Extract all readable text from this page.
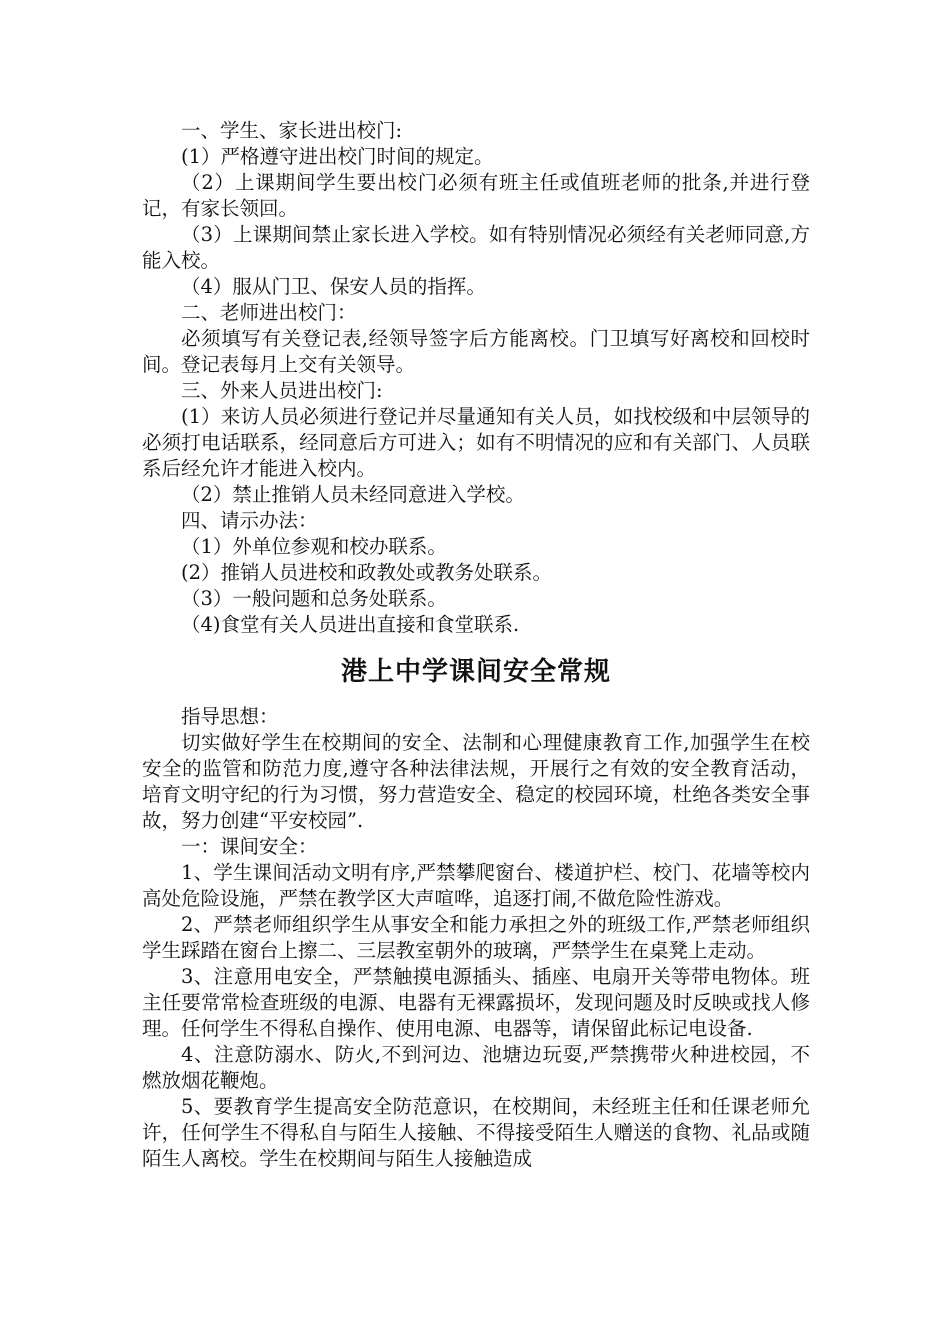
一、学生、家长进出校门:

(1）严格遵守进出校门时间的规定。

（2）上课期间学生要出校门必须有班主任或值班老师的批条,并进行登记，有家长领回。

（3）上课期间禁止家长进入学校。如有特别情况必须经有关老师同意,方能入校。

（4）服从门卫、保安人员的指挥。

二、老师进出校门：

必须填写有关登记表,经领导签字后方能离校。门卫填写好离校和回校时间。登记表每月上交有关领导。

三、外来人员进出校门:

(1）来访人员必须进行登记并尽量通知有关人员，如找校级和中层领导的必须打电话联系，经同意后方可进入；如有不明情况的应和有关部门、人员联系后经允许才能进入校内。

（2）禁止推销人员未经同意进入学校。

四、请示办法：

（1）外单位参观和校办联系。

(2）推销人员进校和政教处或教务处联系。

（3）一般问题和总务处联系。

（4)食堂有关人员进出直接和食堂联系.

港上中学课间安全常规

指导思想：

切实做好学生在校期间的安全、法制和心理健康教育工作,加强学生在校安全的监管和防范力度,遵守各种法律法规，开展行之有效的安全教育活动，培育文明守纪的行为习惯，努力营造安全、稳定的校园环境，杜绝各类安全事故，努力创建“平安校园”.

一：课间安全：

1、学生课间活动文明有序,严禁攀爬窗台、楼道护栏、校门、花墙等校内高处危险设施，严禁在教学区大声喧哗，追逐打闹,不做危险性游戏。

2、严禁老师组织学生从事安全和能力承担之外的班级工作,严禁老师组织学生踩踏在窗台上擦二、三层教室朝外的玻璃，严禁学生在桌凳上走动。

3、注意用电安全，严禁触摸电源插头、插座、电扇开关等带电物体。班主任要常常检查班级的电源、电器有无裸露损坏，发现问题及时反映或找人修理。任何学生不得私自操作、使用电源、电器等，请保留此标记电设备.

4、注意防溺水、防火,不到河边、池塘边玩耍,严禁携带火种进校园，不燃放烟花鞭炮。

5、要教育学生提高安全防范意识，在校期间，未经班主任和任课老师允许，任何学生不得私自与陌生人接触、不得接受陌生人赠送的食物、礼品或随陌生人离校。学生在校期间与陌生人接触造成
